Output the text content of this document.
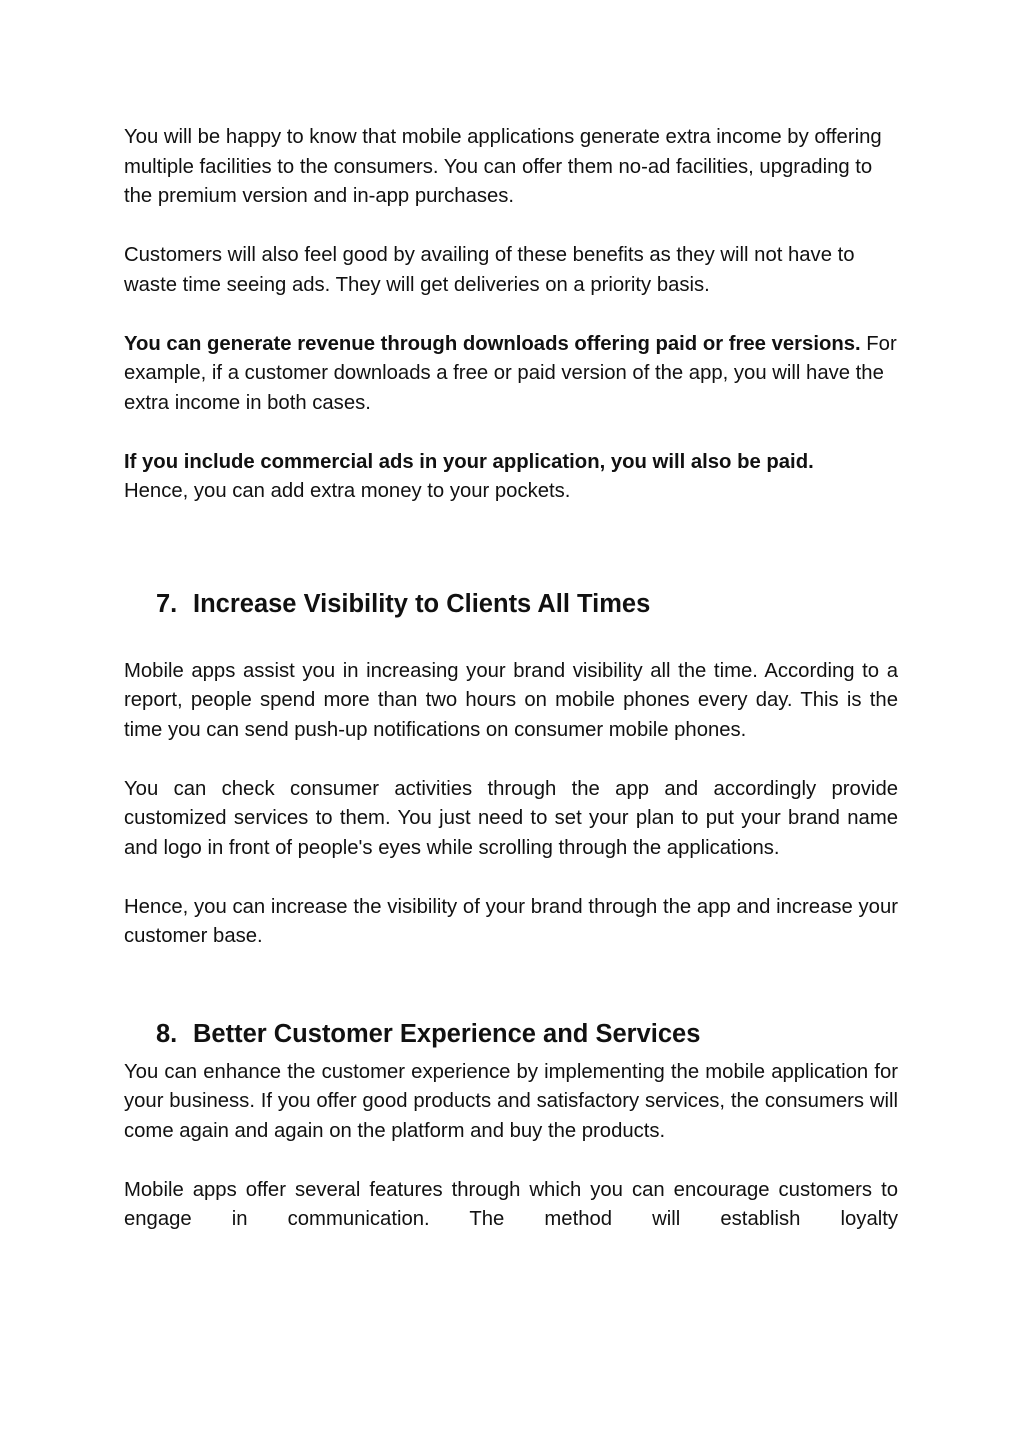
You will be happy to know that mobile applications generate extra income by offering multiple facilities to the consumers. You can offer them no-ad facilities, upgrading to the premium version and in-app purchases.

Customers will also feel good by availing of these benefits as they will not have to waste time seeing ads. They will get deliveries on a priority basis.

You can generate revenue through downloads offering paid or free versions. For example, if a customer downloads a free or paid version of the app, you will have the extra income in both cases.

If you include commercial ads in your application, you will also be paid.
Hence, you can add extra money to your pockets.

7. Increase Visibility to Clients All Times

Mobile apps assist you in increasing your brand visibility all the time. According to a report, people spend more than two hours on mobile phones every day. This is the time you can send push-up notifications on consumer mobile phones.

You can check consumer activities through the app and accordingly provide customized services to them. You just need to set your plan to put your brand name and logo in front of people's eyes while scrolling through the applications.

Hence, you can increase the visibility of your brand through the app and increase your customer base.

8. Better Customer Experience and Services

You can enhance the customer experience by implementing the mobile application for your business. If you offer good products and satisfactory services, the consumers will come again and again on the platform and buy the products.

Mobile apps offer several features through which you can encourage customers to engage in communication. The method will establish loyalty
